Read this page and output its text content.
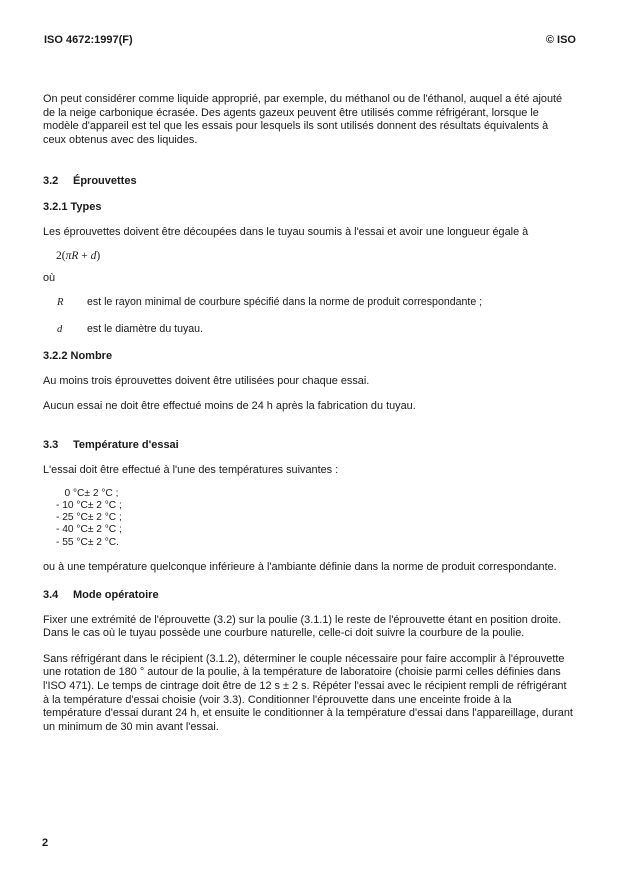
ISO 4672:1997(F)	© ISO

On peut considérer comme liquide approprié, par exemple, du méthanol ou de l'éthanol, auquel a été ajouté de la neige carbonique écrasée. Des agents gazeux peuvent être utilisés comme réfrigérant, lorsque le modèle d'appareil est tel que les essais pour lesquels ils sont utilisés donnent des résultats équivalents à ceux obtenus avec des liquides.

3.2 Éprouvettes
3.2.1 Types

Les éprouvettes doivent être découpées dans le tuyau soumis à l'essai et avoir une longueur égale à

2(πR + d)

où

R	est le rayon minimal de courbure spécifié dans la norme de produit correspondante ;
d	est le diamètre du tuyau.
3.2.2 Nombre

Au moins trois éprouvettes doivent être utilisées pour chaque essai.

Aucun essai ne doit être effectué moins de 24 h après la fabrication du tuyau.

3.3 Température d'essai

L'essai doit être effectué à l'une des températures suivantes :

0 °C± 2 °C ;
- 10 °C± 2 °C ;
- 25 °C± 2 °C ;
- 40 °C± 2 °C ;
- 55 °C± 2 °C.

ou à une température quelconque inférieure à l'ambiante définie dans la norme de produit correspondante.

3.4 Mode opératoire

Fixer une extrémité de l'éprouvette (3.2) sur la poulie (3.1.1) le reste de l'éprouvette étant en position droite. Dans le cas où le tuyau possède une courbure naturelle, celle-ci doit suivre la courbure de la poulie.

Sans réfrigérant dans le récipient (3.1.2), déterminer le couple nécessaire pour faire accomplir à l'éprouvette une rotation de 180 ° autour de la poulie, à la température de laboratoire (choisie parmi celles définies dans l'ISO 471). Le temps de cintrage doit être de 12 s ± 2 s. Répéter l'essai avec le récipient rempli de réfrigérant à la température d'essai choisie (voir 3.3). Conditionner l'éprouvette dans une enceinte froide à la température d'essai durant 24 h, et ensuite le conditionner à la température d'essai dans l'appareillage, durant un minimum de 30 min avant l'essai.

2
